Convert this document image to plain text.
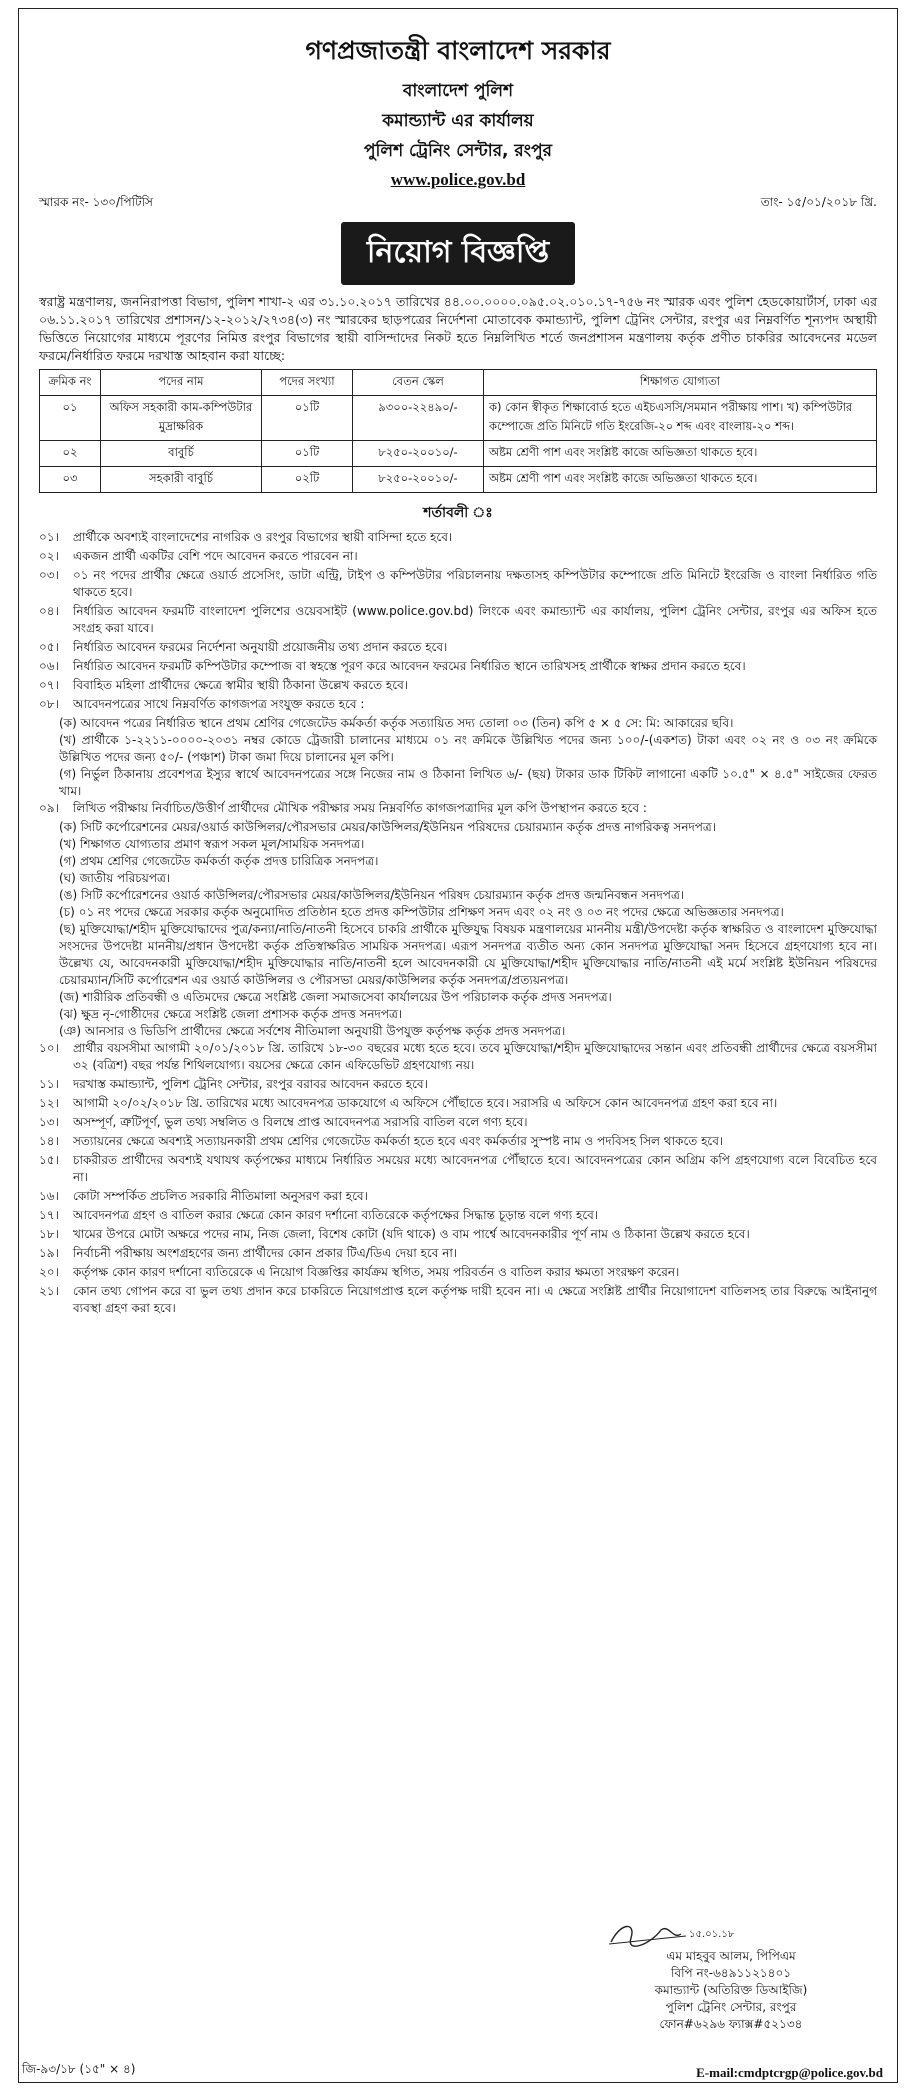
গণপ্রজাতন্ত্রী বাংলাদেশ সরকার
বাংলাদেশ পুলিশ
কমান্ড্যান্ট এর কার্যালয়
পুলিশ ট্রেনিং সেন্টার, রংপুর
www.police.gov.bd
স্মারক নং- ১৩০/পিটিসি	তাং- ১৫/০১/২০১৮ খ্রি.
নিয়োগ বিজ্ঞপ্তি
স্বরাষ্ট্র মন্ত্রণালয়, জননিরাপত্তা বিভাগ, পুলিশ শাখা-২ এর ৩১.১০.২০১৭ তারিখের ৪৪.০০.০০০০.০৯৫.০২.০১০.১৭-৭৫৬ নং স্মারক এবং পুলিশ হেডকোয়ার্টার্স, ঢাকা এর ০৬.১১.২০১৭ তারিখের প্রশাসন/১২-২০১২/২৭৩৪(৩) নং স্মারকের ছাড়পত্রের নির্দেশনা মোতাবেক কমান্ড্যান্ট, পুলিশ ট্রেনিং সেন্টার, রংপুর এর নিম্নবর্ণিত শূন্যপদ অস্থায়ী ভিত্তিতে নিয়োগের মাধ্যমে পূরণের নিমিত্ত রংপুর বিভাগের স্থায়ী বাসিন্দাদের নিকট হতে নিম্নলিখিত শর্তে জনপ্রশাসন মন্ত্রণালয় কর্তৃক প্রণীত চাকরির আবেদনের মডেল ফরমে/নির্ধারিত ফরমে দরখাস্ত আহবান করা যাচ্ছে:
ক্রমিক নং	পদের নাম	পদের সংখ্যা	বেতন স্কেল	শিক্ষাগত যোগ্যতা
০১	অফিস সহকারী কাম-কম্পিউটার মুদ্রাক্ষরিক	০১টি	৯৩০০-২২৪৯০/-	ক) কোন স্বীকৃত শিক্ষাবোর্ড হতে এইচএসসি/সমমান পরীক্ষায় পাশ। খ) কম্পিউটার কম্পোজে প্রতি মিনিটে গতি ইংরেজি-২০ শব্দ এবং বাংলায়-২০ শব্দ।
০২	বাবুর্চি	০১টি	৮২৫০-২০০১০/-	অষ্টম শ্রেণী পাশ এবং সংশ্লিষ্ট কাজে অভিজ্ঞতা থাকতে হবে।
০৩	সহকারী বাবুর্চি	০২টি	৮২৫০-২০০১০/-	অষ্টম শ্রেণী পাশ এবং সংশ্লিষ্ট কাজে অভিজ্ঞতা থাকতে হবে।
শর্তাবলী ঃ
০১।	প্রার্থীকে অবশ্যই বাংলাদেশের নাগরিক ও রংপুর বিভাগের স্থায়ী বাসিন্দা হতে হবে।
০২।	একজন প্রার্থী একটির বেশি পদে আবেদন করতে পারবেন না।
০৩।	০১ নং পদের প্রার্থীর ক্ষেত্রে ওয়ার্ড প্রসেসিং, ডাটা এন্ট্রি, টাইপ ও কম্পিউটার পরিচালনায় দক্ষতাসহ কম্পিউটার কম্পোজে প্রতি মিনিটে ইংরেজি ও বাংলা নির্ধারিত গতি থাকতে হবে।
০৪।	নির্ধারিত আবেদন ফরমটি বাংলাদেশ পুলিশের ওয়েবসাইট (www.police.gov.bd) লিংকে এবং কমান্ড্যান্ট এর কার্যালয়, পুলিশ ট্রেনিং সেন্টার, রংপুর এর অফিস হতে সংগ্রহ করা যাবে।
০৫।	নির্ধারিত আবেদন ফরমের নির্দেশনা অনুযায়ী প্রয়োজনীয় তথ্য প্রদান করতে হবে।
০৬।	নির্ধারিত আবেদন ফরমটি কম্পিউটার কম্পোজ বা স্বহস্তে পূরণ করে আবেদন ফরমের নির্ধারিত স্থানে তারিখসহ প্রার্থীকে স্বাক্ষর প্রদান করতে হবে।
০৭।	বিবাহিত মহিলা প্রার্থীদের ক্ষেত্রে স্বামীর স্থায়ী ঠিকানা উল্লেখ করতে হবে।
০৮।	আবেদনপত্রের সাথে নিম্নবর্ণিত কাগজপত্র সংযুক্ত করতে হবে :
(ক) আবেদন পত্রের নির্ধারিত স্থানে প্রথম শ্রেণির গেজেটেড কর্মকর্তা কর্তৃক সত্যায়িত সদ্য তোলা ০৩ (তিন) কপি ৫ × ৫ সে: মি: আকারের ছবি।
(খ) প্রার্থীকে ১-২২১১-০০০০-২০৩১ নম্বর কোডে ট্রেজারী চালানের মাধ্যমে ০১ নং ক্রমিকে উল্লিখিত পদের জন্য ১০০/-(একশত) টাকা এবং ০২ নং ও ০৩ নং ক্রমিকে উল্লিখিত পদের জন্য ৫০/- (পঞ্চাশ) টাকা জমা দিয়ে চালানের মূল কপি।
(গ) নির্ভুল ঠিকানায় প্রবেশপত্র ইস্যুর স্বার্থে আবেদনপত্রের সঙ্গে নিজের নাম ও ঠিকানা লিখিত ৬/- (ছয়) টাকার ডাক টিকিট লাগানো একটি ১০.৫" × ৪.৫" সাইজের ফেরত খাম।
০৯।	লিখিত পরীক্ষায় নির্বাচিত/উত্তীর্ণ প্রার্থীদের মৌখিক পরীক্ষার সময় নিম্নবর্ণিত কাগজপত্রাদির মূল কপি উপস্থাপন করতে হবে :
(ক) সিটি কর্পোরেশনের মেয়র/ওয়ার্ড কাউন্সিলর/পৌরসভার মেয়র/কাউন্সিলর/ইউনিয়ন পরিষদের চেয়ারম্যান কর্তৃক প্রদত্ত নাগরিকত্ব সনদপত্র।
(খ) শিক্ষাগত যোগ্যতার প্রমাণ স্বরূপ সকল মূল/সাময়িক সনদপত্র।
(গ) প্রথম শ্রেণির গেজেটেড কর্মকর্তা কর্তৃক প্রদত্ত চারিত্রিক সনদপত্র।
(ঘ) জাতীয় পরিচয়পত্র।
(ঙ) সিটি কর্পোরেশনের ওয়ার্ড কাউন্সিলর/পৌরসভার মেয়র/কাউন্সিলর/ইউনিয়ন পরিষদ চেয়ারম্যান কর্তৃক প্রদত্ত জন্মনিবন্ধন সনদপত্র।
(চ) ০১ নং পদের ক্ষেত্রে সরকার কর্তৃক অনুমোদিত প্রতিষ্ঠান হতে প্রদত্ত কম্পিউটার প্রশিক্ষণ সনদ এবং ০২ নং ও ০৩ নং পদের ক্ষেত্রে অভিজ্ঞতার সনদপত্র।
(ছ) মুক্তিযোদ্ধা/শহীদ মুক্তিযোদ্ধাদের পুত্র/কন্যা/নাতি/নাতনী হিসেবে চাকরি প্রার্থীকে মুক্তিযুদ্ধ বিষয়ক মন্ত্রণালয়ের মাননীয় মন্ত্রী/উপদেষ্টা কর্তৃক স্বাক্ষরিত ও বাংলাদেশ মুক্তিযোদ্ধা সংসদের উপদেষ্টা মাননীয়/প্রধান উপদেষ্টা কর্তৃক প্রতিস্বাক্ষরিত সাময়িক সনদপত্র। এরূপ সনদপত্র ব্যতীত অন্য কোন সনদপত্র মুক্তিযোদ্ধা সনদ হিসেবে গ্রহণযোগ্য হবে না। উল্লেখ্য যে, আবেদনকারী মুক্তিযোদ্ধা/শহীদ মুক্তিযোদ্ধার নাতি/নাতনী হলে আবেদনকারী যে মুক্তিযোদ্ধা/শহীদ মুক্তিযোদ্ধার নাতি/নাতনী এই মর্মে সংশ্লিষ্ট ইউনিয়ন পরিষদের চেয়ারম্যান/সিটি কর্পোরেশন এর ওয়ার্ড কাউন্সিলর ও পৌরসভা মেয়র/কাউন্সিলর কর্তৃক সনদপত্র/প্রত্যয়নপত্র।
(জ) শারীরিক প্রতিবন্ধী ও এতিমদের ক্ষেত্রে সংশ্লিষ্ট জেলা সমাজসেবা কার্যালয়ের উপ পরিচালক কর্তৃক প্রদত্ত সনদপত্র।
(ঝ) ক্ষুদ্র নৃ-গোষ্ঠীদের ক্ষেত্রে সংশ্লিষ্ট জেলা প্রশাসক কর্তৃক প্রদত্ত সনদপত্র।
(ঞ) আনসার ও ভিডিপি প্রার্থীদের ক্ষেত্রে সর্বশেষ নীতিমালা অনুযায়ী উপযুক্ত কর্তৃপক্ষ কর্তৃক প্রদত্ত সনদপত্র।
১০।	প্রার্থীর বয়সসীমা আগামী ২০/০১/২০১৮ খ্রি. তারিখে ১৮-৩০ বছরের মধ্যে হতে হবে। তবে মুক্তিযোদ্ধা/শহীদ মুক্তিযোদ্ধাদের সন্তান এবং প্রতিবন্ধী প্রার্থীদের ক্ষেত্রে বয়সসীমা ৩২ (বত্রিশ) বছর পর্যন্ত শিথিলযোগ্য। বয়সের ক্ষেত্রে কোন এফিডেভিট গ্রহণযোগ্য নয়।
১১।	দরখাস্ত কমান্ড্যান্ট, পুলিশ ট্রেনিং সেন্টার, রংপুর বরাবর আবেদন করতে হবে।
১২।	আগামী ২০/০২/২০১৮ খ্রি. তারিখের মধ্যে আবেদনপত্র ডাকযোগে এ অফিসে পৌঁছাতে হবে। সরাসরি এ অফিসে কোন আবেদনপত্র গ্রহণ করা হবে না।
১৩।	অসম্পূর্ণ, ত্রুটিপূর্ণ, ভুল তথ্য সম্বলিত ও বিলম্বে প্রাপ্ত আবেদনপত্র সরাসরি বাতিল বলে গণ্য হবে।
১৪।	সত্যায়নের ক্ষেত্রে অবশ্যই সত্যায়নকারী প্রথম শ্রেণির গেজেটেড কর্মকর্তা হতে হবে এবং কর্মকর্তার সুস্পষ্ট নাম ও পদবিসহ সিল থাকতে হবে।
১৫।	চাকরীরত প্রার্থীদের অবশ্যই যথাযথ কর্তৃপক্ষের মাধ্যমে নির্ধারিত সময়ের মধ্যে আবেদনপত্র পৌঁছাতে হবে। আবেদনপত্রের কোন অগ্রিম কপি গ্রহণযোগ্য বলে বিবেচিত হবে না।
১৬।	কোটা সম্পর্কিত প্রচলিত সরকারি নীতিমালা অনুসরণ করা হবে।
১৭।	আবেদনপত্র গ্রহণ ও বাতিল করার ক্ষেত্রে কোন কারণ দর্শানো ব্যতিরেকে কর্তৃপক্ষের সিদ্ধান্ত চূড়ান্ত বলে গণ্য হবে।
১৮।	খামের উপরে মোটা অক্ষরে পদের নাম, নিজ জেলা, বিশেষ কোটা (যদি থাকে) ও বাম পার্শ্বে আবেদনকারীর পূর্ণ নাম ও ঠিকানা উল্লেখ করতে হবে।
১৯।	নির্বাচনী পরীক্ষায় অংশগ্রহণের জন্য প্রার্থীদের কোন প্রকার টিএ/ডিএ দেয়া হবে না।
২০।	কর্তৃপক্ষ কোন কারণ দর্শানো ব্যতিরেকে এ নিয়োগ বিজ্ঞপ্তির কার্যক্রম স্থগিত, সময় পরিবর্তন ও বাতিল করার ক্ষমতা সংরক্ষণ করেন।
২১।	কোন তথ্য গোপন করে বা ভুল তথ্য প্রদান করে চাকরিতে নিয়োগপ্রাপ্ত হলে কর্তৃপক্ষ দায়ী হবেন না। এ ক্ষেত্রে সংশ্লিষ্ট প্রার্থীর নিয়োগাদেশ বাতিলসহ তার বিরুদ্ধে আইনানুগ ব্যবস্থা গ্রহণ করা হবে।
১৫.০১.১৮
এম মাহবুব আলম, পিপিএম
বিপি নং-৬৪৯১১২১৪০১
কমান্ড্যান্ট (অতিরিক্ত ডিআইজি)
পুলিশ ট্রেনিং সেন্টার, রংপুর
ফোন#৬২৯৬ ফ্যাক্স#৫২১৩৪
জি-৯৩/১৮ (১৫" × ৪)	E-mail:cmdptcrgp@police.gov.bd
